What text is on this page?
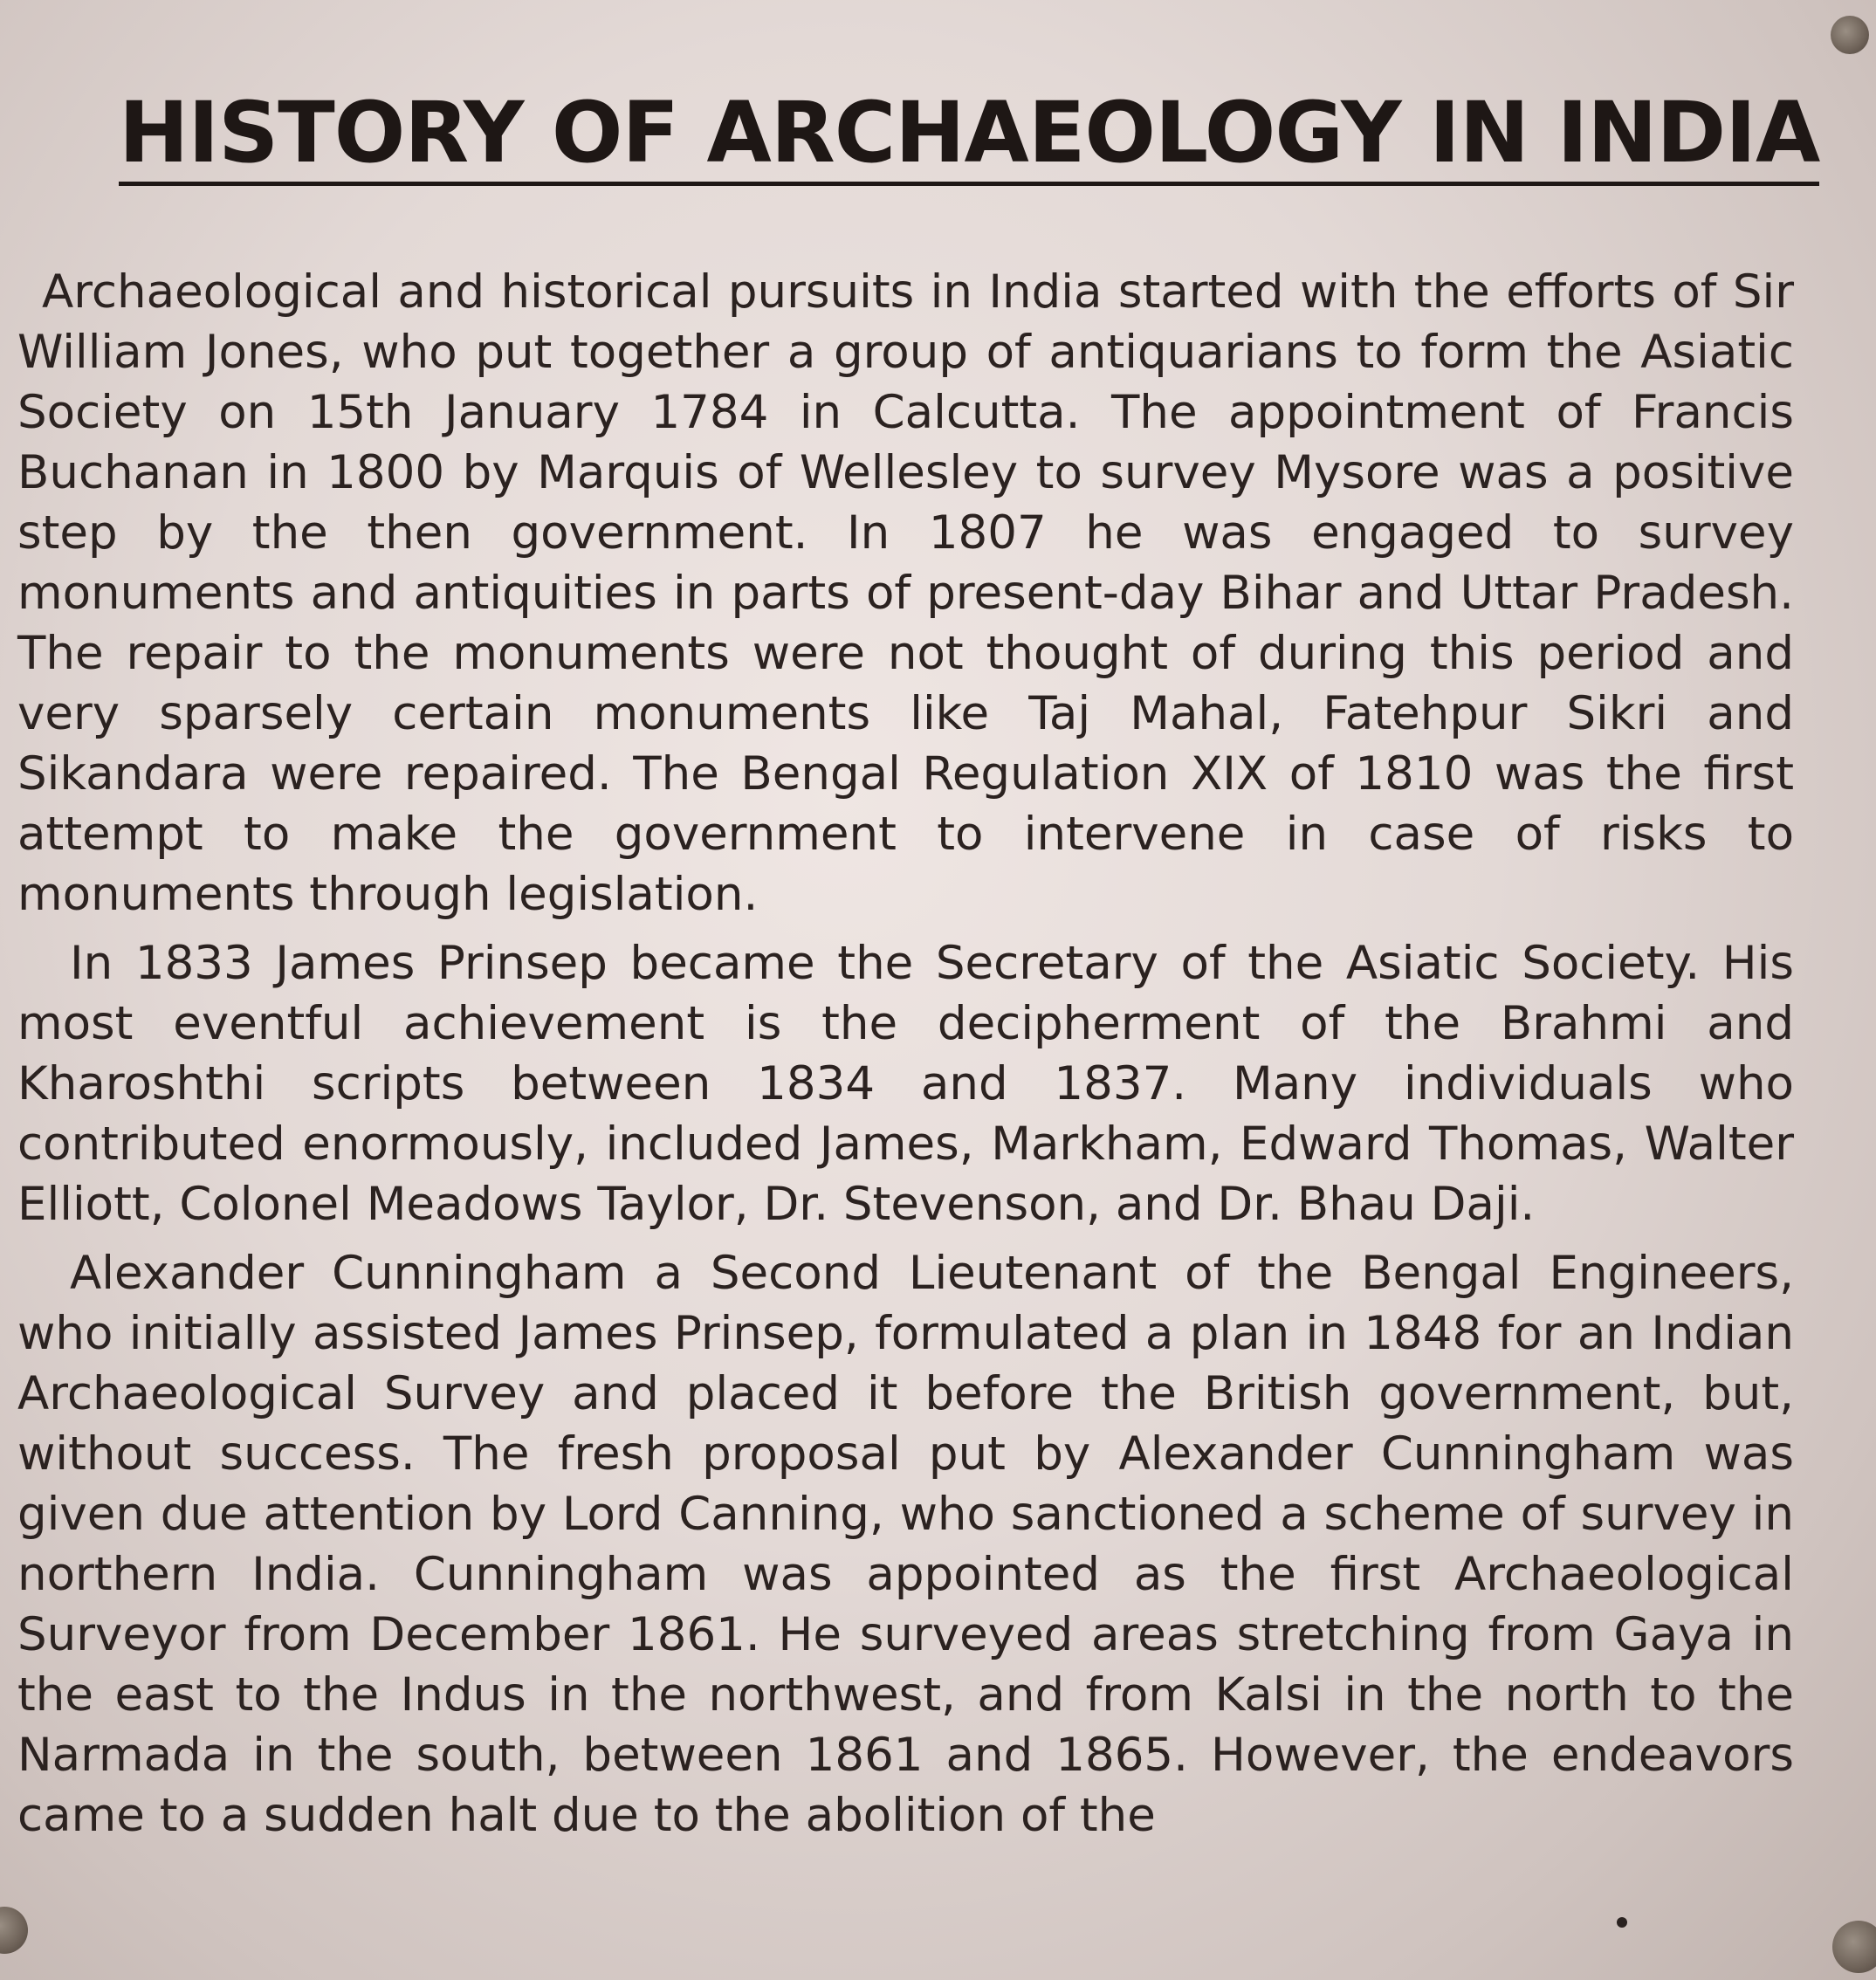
HISTORY OF ARCHAEOLOGY IN INDIA

Archaeological and historical pursuits in India started with the efforts of Sir William Jones, who put together a group of antiquarians to form the Asiatic Society on 15th January 1784 in Calcutta. The appointment of Francis Buchanan in 1800 by Marquis of Wellesley to survey Mysore was a positive step by the then government. In 1807 he was engaged to survey monuments and antiquities in parts of present-day Bihar and Uttar Pradesh. The repair to the monuments were not thought of during this period and very sparsely certain monuments like Taj Mahal, Fatehpur Sikri and Sikandara were repaired. The Bengal Regulation XIX of 1810 was the first attempt to make the government to intervene in case of risks to monuments through legislation.

In 1833 James Prinsep became the Secretary of the Asiatic Society. His most eventful achievement is the decipherment of the Brahmi and Kharoshthi scripts between 1834 and 1837. Many individuals who contributed enormously, included James, Markham, Edward Thomas, Walter Elliott, Colonel Meadows Taylor, Dr. Stevenson, and Dr. Bhau Daji.

Alexander Cunningham a Second Lieutenant of the Bengal Engineers, who initially assisted James Prinsep, formulated a plan in 1848 for an Indian Archaeological Survey and placed it before the British government, but, without success. The fresh proposal put by Alexander Cunningham was given due attention by Lord Canning, who sanctioned a scheme of survey in northern India. Cunningham was appointed as the first Archaeological Surveyor from December 1861. He surveyed areas stretching from Gaya in the east to the Indus in the northwest, and from Kalsi in the north to the Narmada in the south, between 1861 and 1865. However, the endeavors came to a sudden halt due to the abolition of the
